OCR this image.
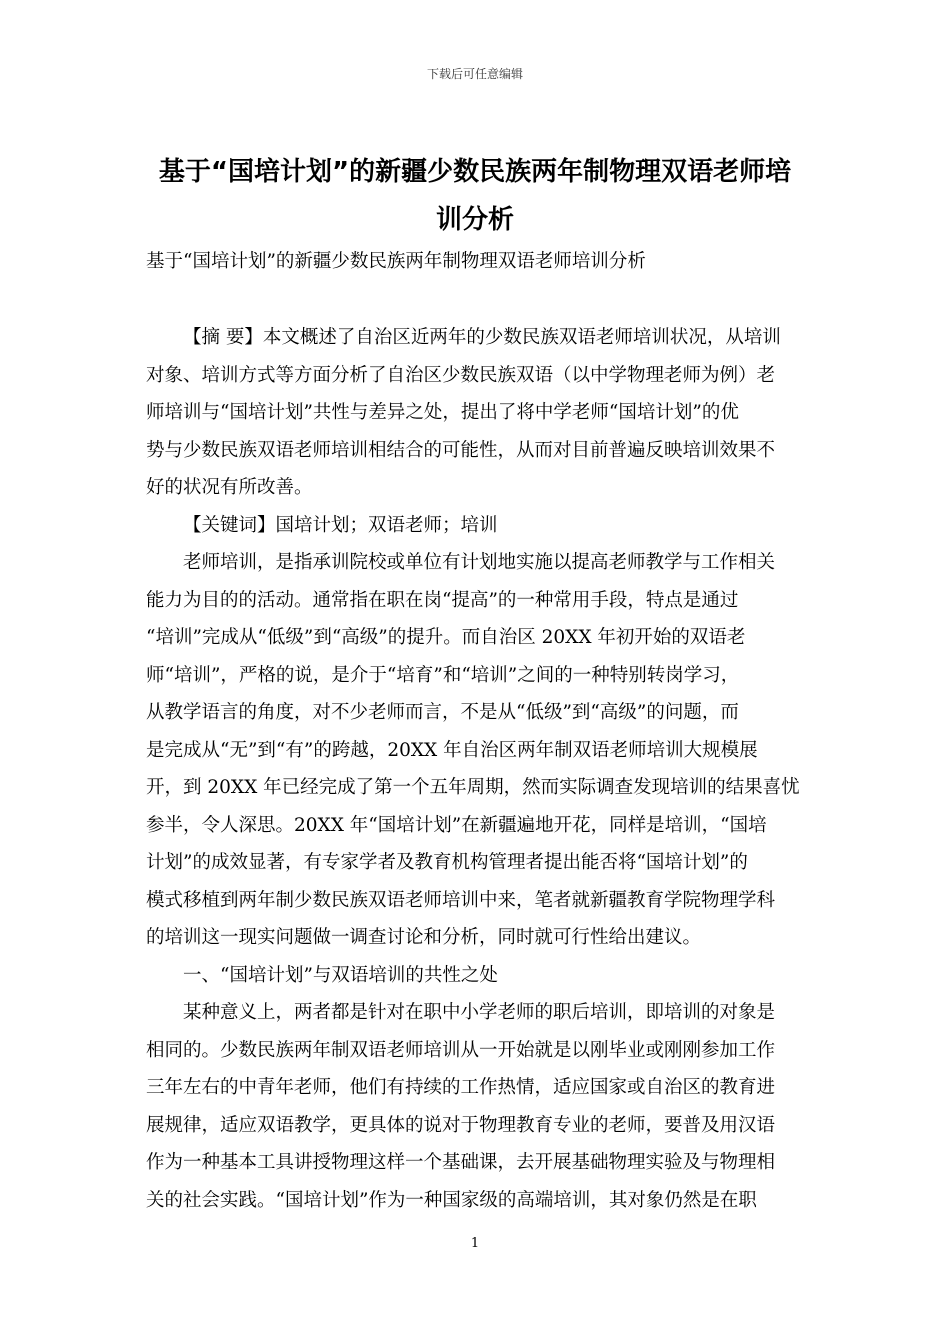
下载后可任意编辑
基于“国培计划”的新疆少数民族两年制物理双语老师培
训分析
基于“国培计划”的新疆少数民族两年制物理双语老师培训分析
【摘 要】本文概述了自治区近两年的少数民族双语老师培训状况，从培训
对象、培训方式等方面分析了自治区少数民族双语（以中学物理老师为例）老
师培训与“国培计划”共性与差异之处，提出了将中学老师“国培计划”的优
势与少数民族双语老师培训相结合的可能性，从而对目前普遍反映培训效果不
好的状况有所改善。
【关键词】国培计划；双语老师；培训
老师培训，是指承训院校或单位有计划地实施以提高老师教学与工作相关
能力为目的的活动。通常指在职在岗“提高”的一种常用手段，特点是通过
“培训”完成从“低级”到“高级”的提升。而自治区 20XX 年初开始的双语老
师“培训”，严格的说，是介于“培育”和“培训”之间的一种特别转岗学习，
从教学语言的角度，对不少老师而言，不是从“低级”到“高级”的问题，而
是完成从“无”到“有”的跨越，20XX 年自治区两年制双语老师培训大规模展
开，到 20XX 年已经完成了第一个五年周期，然而实际调查发现培训的结果喜忧
参半，令人深思。20XX 年“国培计划”在新疆遍地开花，同样是培训，“国培
计划”的成效显著，有专家学者及教育机构管理者提出能否将“国培计划”的
模式移植到两年制少数民族双语老师培训中来，笔者就新疆教育学院物理学科
的培训这一现实问题做一调查讨论和分析，同时就可行性给出建议。
一、“国培计划”与双语培训的共性之处
某种意义上，两者都是针对在职中小学老师的职后培训，即培训的对象是
相同的。少数民族两年制双语老师培训从一开始就是以刚毕业或刚刚参加工作
三年左右的中青年老师，他们有持续的工作热情，适应国家或自治区的教育进
展规律，适应双语教学，更具体的说对于物理教育专业的老师，要普及用汉语
作为一种基本工具讲授物理这样一个基础课，去开展基础物理实验及与物理相
关的社会实践。“国培计划”作为一种国家级的高端培训，其对象仍然是在职
1
